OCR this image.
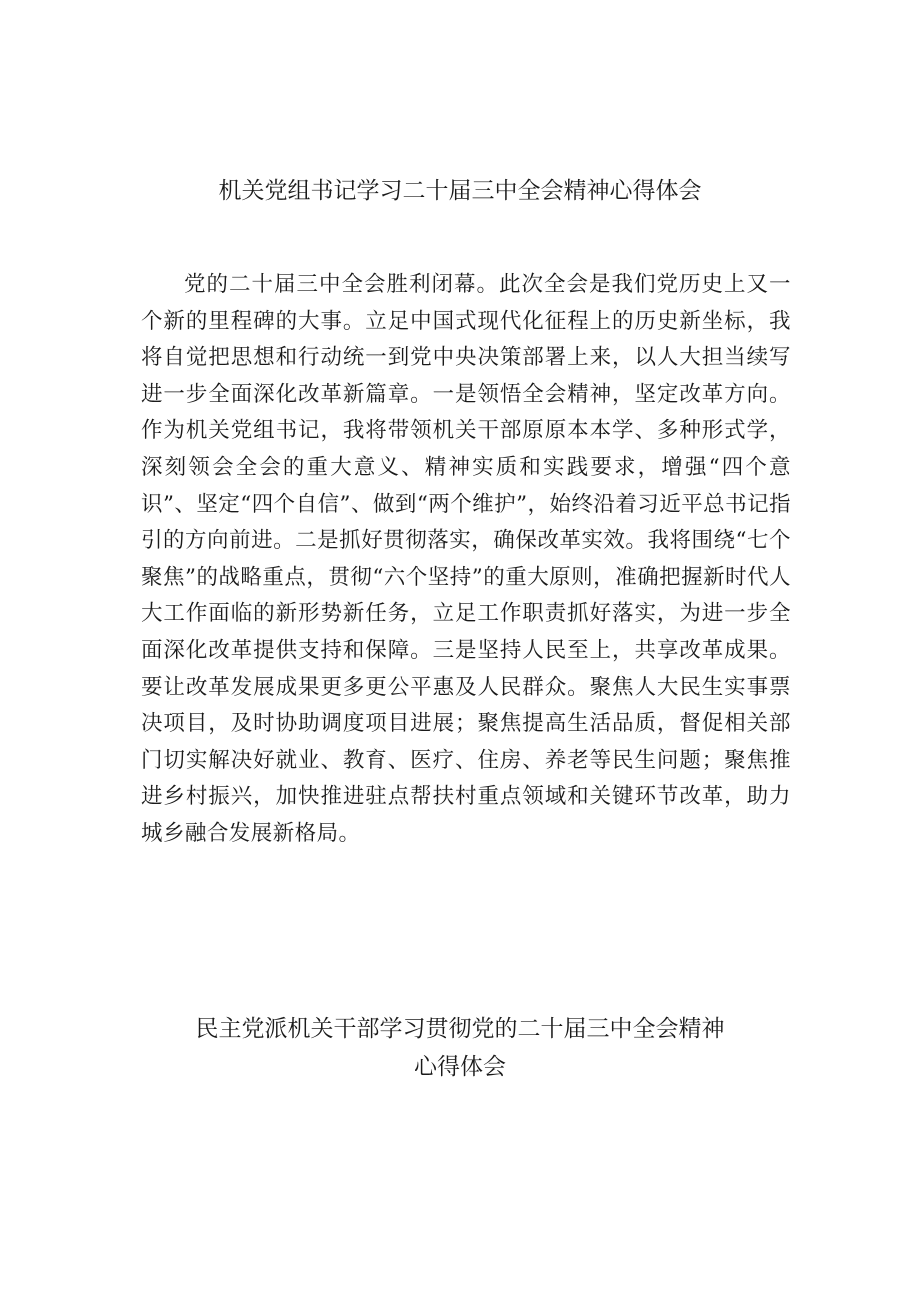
机关党组书记学习二十届三中全会精神心得体会

党的二十届三中全会胜利闭幕。此次全会是我们党历史上又一个新的里程碑的大事。立足中国式现代化征程上的历史新坐标，我将自觉把思想和行动统一到党中央决策部署上来，以人大担当续写进一步全面深化改革新篇章。一是领悟全会精神，坚定改革方向。作为机关党组书记，我将带领机关干部原原本本学、多种形式学，深刻领会全会的重大意义、精神实质和实践要求，增强“四个意识”、坚定“四个自信”、做到“两个维护”，始终沿着习近平总书记指引的方向前进。二是抓好贯彻落实，确保改革实效。我将围绕“七个聚焦”的战略重点，贯彻“六个坚持”的重大原则，准确把握新时代人大工作面临的新形势新任务，立足工作职责抓好落实，为进一步全面深化改革提供支持和保障。三是坚持人民至上，共享改革成果。要让改革发展成果更多更公平惠及人民群众。聚焦人大民生实事票决项目，及时协助调度项目进展；聚焦提高生活品质，督促相关部门切实解决好就业、教育、医疗、住房、养老等民生问题；聚焦推进乡村振兴，加快推进驻点帮扶村重点领域和关键环节改革，助力城乡融合发展新格局。

民主党派机关干部学习贯彻党的二十届三中全会精神
心得体会
